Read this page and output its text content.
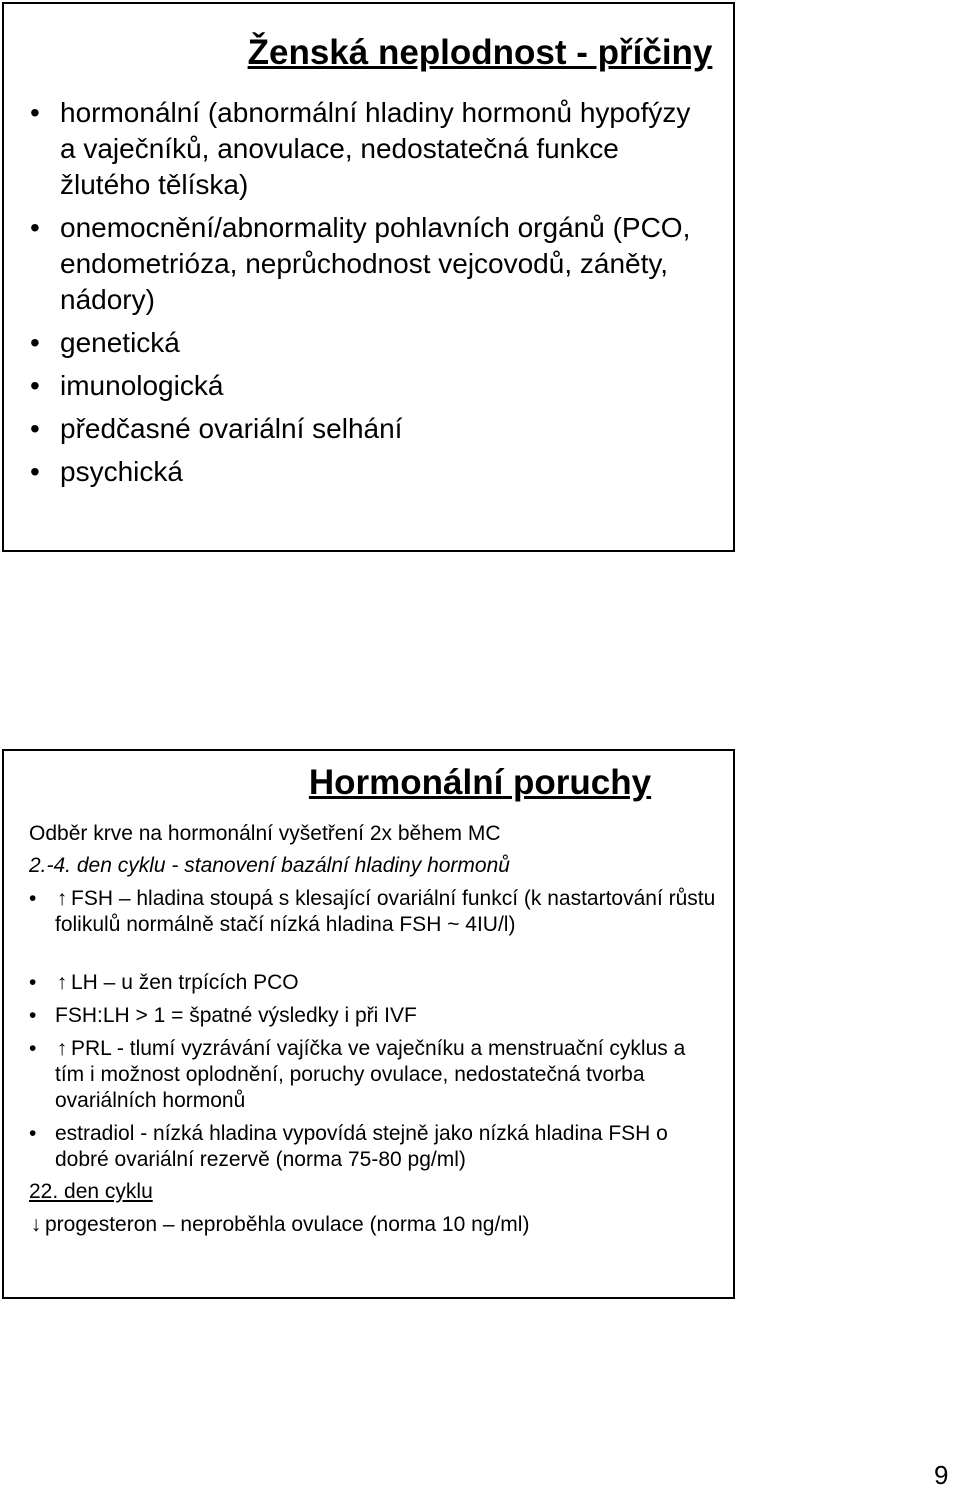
Ženská neplodnost - příčiny
• hormonální (abnormální hladiny hormonů hypofýzy a vaječníků, anovulace, nedostatečná funkce žlutého tělíska)
• onemocnění/abnormality pohlavních orgánů (PCO, endometrióza, neprůchodnost vejcovodů, záněty, nádory)
• genetická
• imunologická
• předčasné ovariální selhání
• psychická
Hormonální poruchy

Odběr krve na hormonální vyšetření 2x během MC

2.-4. den cyklu - stanovení bazální hladiny hormonů

• ↑ FSH – hladina stoupá s klesající ovariální funkcí (k nastartování růstu folikulů normálně stačí nízká hladina FSH ~ 4IU/l)
• ↑ LH – u žen trpících PCO
• FSH:LH > 1 = špatné výsledky i při IVF
• ↑ PRL - tlumí vyzrávání vajíčka ve vaječníku a menstruační cyklus a tím i možnost oplodnění, poruchy ovulace, nedostatečná tvorba ovariálních hormonů
• estradiol - nízká hladina vypovídá stejně jako nízká hladina FSH o dobré ovariální rezervě (norma 75-80 pg/ml)

22. den cyklu

↓ progesteron – neproběhla ovulace (norma 10 ng/ml)
9
